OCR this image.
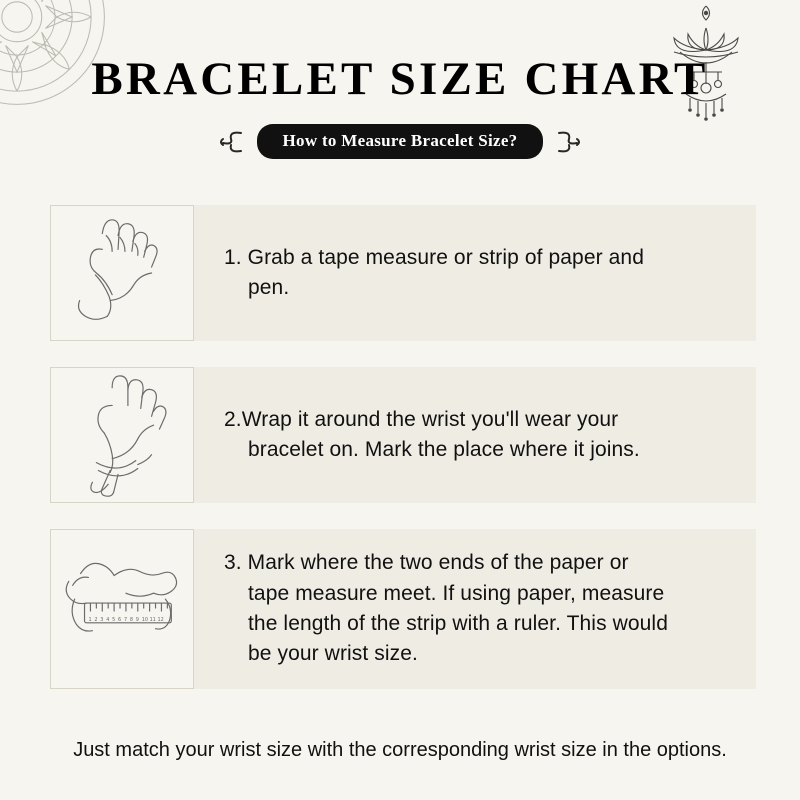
BRACELET SIZE CHART
How to Measure Bracelet Size?
1. Grab a tape measure or strip of paper and
pen.
2.Wrap it around the wrist you'll wear your
bracelet on. Mark the place where it joins.
1 2 3 4 5 6 7 8 9 10 11 12
3. Mark where the two ends of the paper or
tape measure meet. If using paper, measure
the length of the strip with a ruler. This would
be your wrist size.
Just match your wrist size with the corresponding wrist size in the options.
